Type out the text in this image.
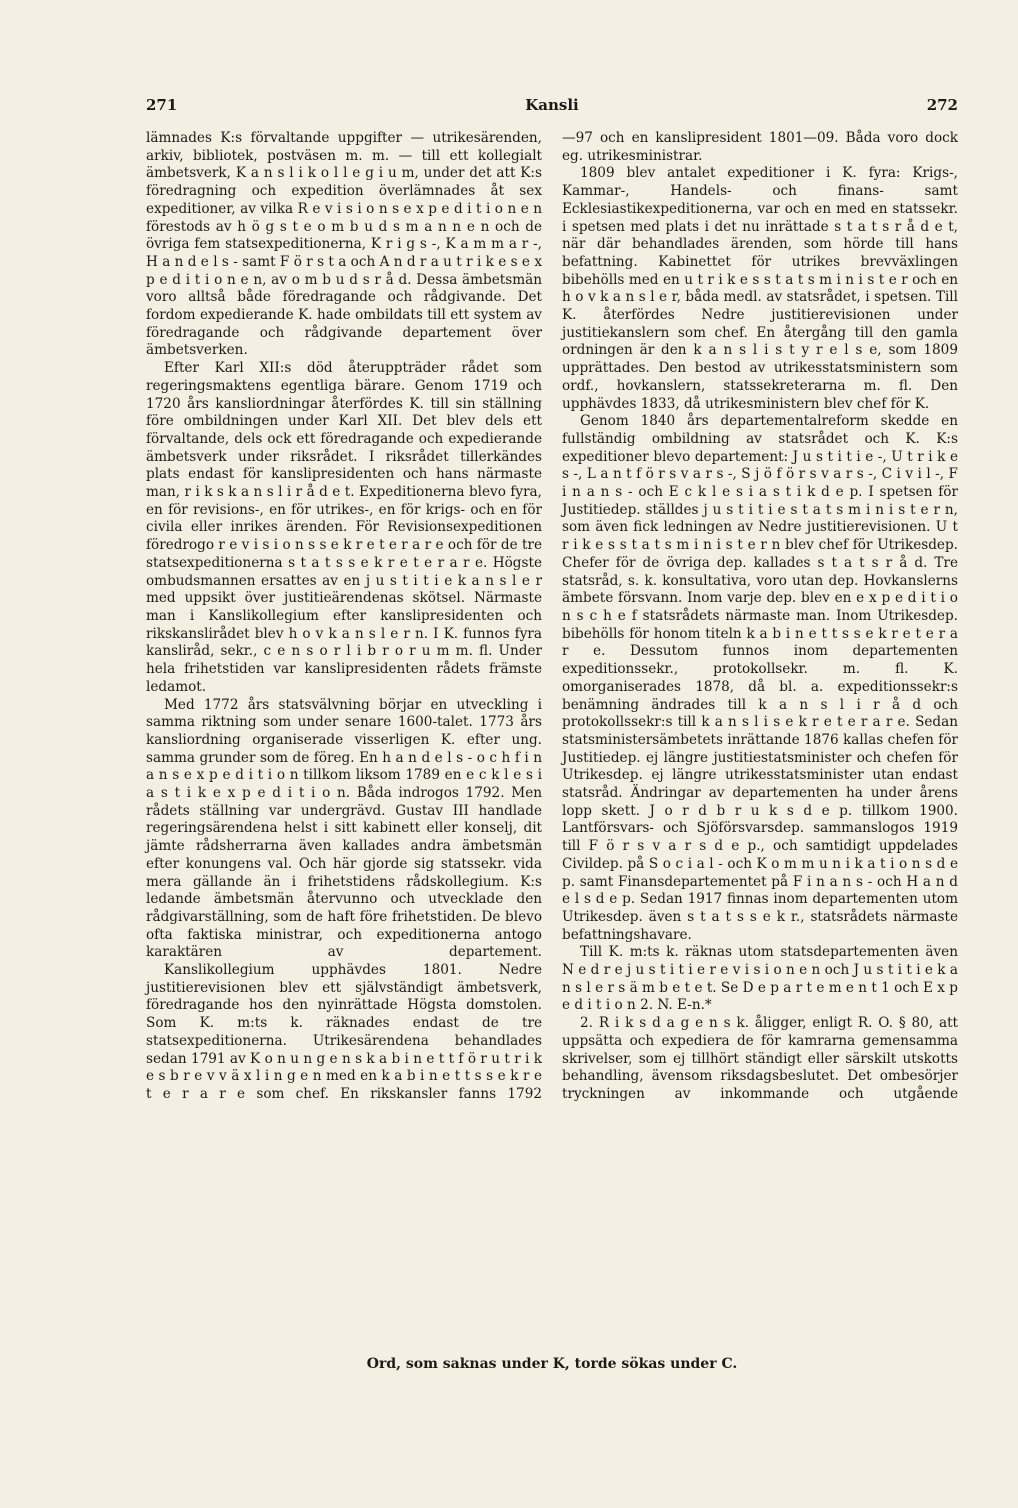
271	Kansli	272

lämnades K:s förvaltande uppgifter — utrikesärenden, arkiv, bibliotek, postväsen m. m. — till ett kollegialt ämbetsverk, K a n s l i k o l l e g i u m, under det att K:s föredragning och expedition överlämnades åt sex expeditioner, av vilka R e v i s i o n s e x p e d i t i o n e n förestods av h ö g s t e o m b u d s m a n n e n och de övriga fem statsexpeditionerna, K r i g s -, K a m m a r -, H a n d e l s - samt F ö r s t a och A n d r a u t r i k e s e x p e d i t i o n e n, av o m b u d s r å d. Dessa ämbetsmän voro alltså både föredragande och rådgivande. Det fordom expedierande K. hade ombildats till ett system av föredragande och rådgivande departement över ämbetsverken.

Efter Karl XII:s död återuppträder rådet som regeringsmaktens egentliga bärare. Genom 1719 och 1720 års kansliordningar återfördes K. till sin ställning före ombildningen under Karl XII. Det blev dels ett förvaltande, dels ock ett föredragande och expedierande ämbetsverk under riksrådet. I riksrådet tillerkändes plats endast för kanslipresidenten och hans närmaste man, r i k s k a n s l i r å d e t. Expeditionerna blevo fyra, en för revisions-, en för utrikes-, en för krigs- och en för civila eller inrikes ärenden. För Revisionsexpeditionen föredrogo r e v i s i o n s s e k r e t e r a r e och för de tre statsexpeditionerna s t a t s s e k r e t e r a r e. Högste ombudsmannen ersattes av en j u s t i t i e k a n s l e r med uppsikt över justitieärendenas skötsel. Närmaste man i Kanslikollegium efter kanslipresidenten och rikskanslirådet blev h o v k a n s l e r n. I K. funnos fyra kansliråd, sekr., c e n s o r l i b r o r u m m. fl. Under hela frihetstiden var kanslipresidenten rådets främste ledamot.

Med 1772 års statsvälvning börjar en utveckling i samma riktning som under senare 1600-talet. 1773 års kansliordning organiserade visserligen K. efter ung. samma grunder som de föreg. En h a n d e l s - o c h f i n a n s e x p e d i t i o n tillkom liksom 1789 en e c k l e s i a s t i k e x p e d i t i o n. Båda indrogos 1792. Men rådets ställning var undergrävd. Gustav III handlade regeringsärendena helst i sitt kabinett eller konselj, dit jämte rådsherrarna även kallades andra ämbetsmän efter konungens val. Och här gjorde sig statssekr. vida mera gällande än i frihetstidens rådskollegium. K:s ledande ämbetsmän återvunno och utvecklade den rådgivarställning, som de haft före frihetstiden. De blevo ofta faktiska ministrar, och expeditionerna antogo karaktären av departement.

Kanslikollegium upphävdes 1801. Nedre justitierevisionen blev ett självständigt ämbetsverk, föredragande hos den nyinrättade Högsta domstolen. Som K. m:ts k. räknades endast de tre statsexpeditionerna. Utrikesärendena behandlades sedan 1791 av K o n u n g e n s k a b i n e t t f ö r u t r i k e s b r e v v ä x l i n g e n med en k a b i n e t t s s e k r e t e r a r e som chef. En rikskansler fanns 1792

—97 och en kanslipresident 1801—09. Båda voro dock eg. utrikesministrar.

1809 blev antalet expeditioner i K. fyra: Krigs-, Kammar-, Handels- och finans- samt Ecklesiastikexpeditionerna, var och en med en statssekr. i spetsen med plats i det nu inrättade s t a t s r å d e t, när där behandlades ärenden, som hörde till hans befattning. Kabinettet för utrikes brevväxlingen bibehölls med en u t r i k e s s t a t s m i n i s t e r och en h o v k a n s l e r, båda medl. av statsrådet, i spetsen. Till K. återfördes Nedre justitierevisionen under justitiekanslern som chef. En återgång till den gamla ordningen är den k a n s l i s t y r e l s e, som 1809 upprättades. Den bestod av utrikesstatsministern som ordf., hovkanslern, statssekreterarna m. fl. Den upphävdes 1833, då utrikesministern blev chef för K.

Genom 1840 års departementalreform skedde en fullständig ombildning av statsrådet och K. K:s expeditioner blevo departement: J u s t i t i e -, U t r i k e s -, L a n t f ö r s v a r s -, S j ö f ö r s v a r s -, C i v i l -, F i n a n s - och E c k l e s i a s t i k d e p. I spetsen för Justitiedep. ställdes j u s t i t i e s t a t s m i n i s t e r n, som även fick ledningen av Nedre justitierevisionen. U t r i k e s s t a t s m i n i s t e r n blev chef för Utrikesdep. Chefer för de övriga dep. kallades s t a t s r å d. Tre statsråd, s. k. konsultativa, voro utan dep. Hovkanslerns ämbete försvann. Inom varje dep. blev en e x p e d i t i o n s c h e f statsrådets närmaste man. Inom Utrikesdep. bibehölls för honom titeln k a b i n e t t s s e k r e t e r a r e. Dessutom funnos inom departementen expeditionssekr., protokollsekr. m. fl. K. omorganiserades 1878, då bl. a. expeditionssekr:s benämning ändrades till k a n s l i r å d och protokollssekr:s till k a n s l i s e k r e t e r a r e. Sedan statsministersämbetets inrättande 1876 kallas chefen för Justitiedep. ej längre justitiestatsminister och chefen för Utrikesdep. ej längre utrikesstatsminister utan endast statsråd. Ändringar av departementen ha under årens lopp skett. J o r d b r u k s d e p. tillkom 1900. Lantförsvars- och Sjöförsvarsdep. sammanslogos 1919 till F ö r s v a r s d e p., och samtidigt uppdelades Civildep. på S o c i a l - och K o m m u n i k a t i o n s d e p. samt Finansdepartementet på F i n a n s - och H a n d e l s d e p. Sedan 1917 finnas inom departementen utom Utrikesdep. även s t a t s s e k r., statsrådets närmaste befattningshavare.

Till K. m:ts k. räknas utom statsdepartementen även N e d r e j u s t i t i e r e v i s i o n e n och J u s t i t i e k a n s l e r s ä m b e t e t. Se D e p a r t e m e n t 1 och E x p e d i t i o n 2. N. E-n.*

2. R i k s d a g e n s k. åligger, enligt R. O. § 80, att uppsätta och expediera de för kamrarna gemensamma skrivelser, som ej tillhört ständigt eller särskilt utskotts behandling, ävensom riksdagsbeslutet. Det ombesörjer tryckningen av inkommande och utgående

Ord, som saknas under K, torde sökas under C.
